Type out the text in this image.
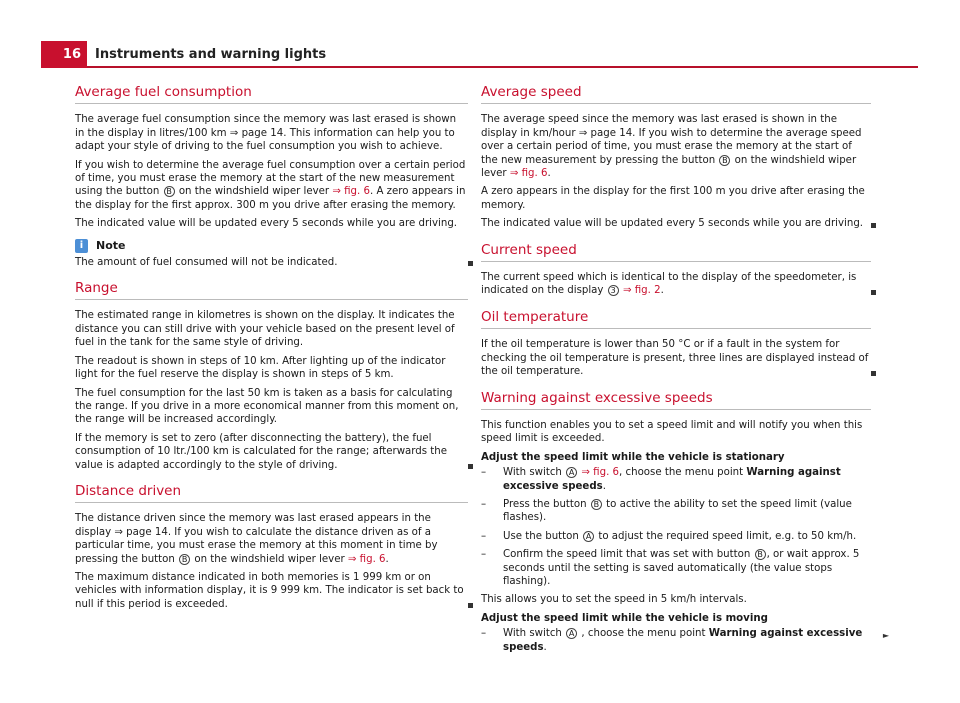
16	Instruments and warning lights
Average fuel consumption

The average fuel consumption since the memory was last erased is shown in the display in litres/100 km ⇒ page 14. This information can help you to adapt your style of driving to the fuel consumption you wish to achieve.

If you wish to determine the average fuel consumption over a certain period of time, you must erase the memory at the start of the new measurement using the button B on the windshield wiper lever ⇒ fig. 6. A zero appears in the display for the first approx. 300 m you drive after erasing the memory.

The indicated value will be updated every 5 seconds while you are driving.

i	Note

The amount of fuel consumed will not be indicated.

Range

The estimated range in kilometres is shown on the display. It indicates the distance you can still drive with your vehicle based on the present level of fuel in the tank for the same style of driving.

The readout is shown in steps of 10 km. After lighting up of the indicator light for the fuel reserve the display is shown in steps of 5 km.

The fuel consumption for the last 50 km is taken as a basis for calculating the range. If you drive in a more economical manner from this moment on, the range will be increased accordingly.

If the memory is set to zero (after disconnecting the battery), the fuel consumption of 10 ltr./100 km is calculated for the range; afterwards the value is adapted accordingly to the style of driving.

Distance driven

The distance driven since the memory was last erased appears in the display ⇒ page 14. If you wish to calculate the distance driven as of a particular time, you must erase the memory at this moment in time by pressing the button B on the windshield wiper lever ⇒ fig. 6.

The maximum distance indicated in both memories is 1 999 km or on vehicles with information display, it is 9 999 km. The indicator is set back to null if this period is exceeded.

Average speed

The average speed since the memory was last erased is shown in the display in km/hour ⇒ page 14. If you wish to determine the average speed over a certain period of time, you must erase the memory at the start of the new measurement by pressing the button B on the windshield wiper lever ⇒ fig. 6.

A zero appears in the display for the first 100 m you drive after erasing the memory.

The indicated value will be updated every 5 seconds while you are driving.

Current speed

The current speed which is identical to the display of the speedometer, is indicated on the display 3 ⇒ fig. 2.

Oil temperature

If the oil temperature is lower than 50 °C or if a fault in the system for checking the oil temperature is present, three lines are displayed instead of the oil temperature.

Warning against excessive speeds

This function enables you to set a speed limit and will notify you when this speed limit is exceeded.

Adjust the speed limit while the vehicle is stationary
–	With switch A ⇒ fig. 6, choose the menu point Warning against excessive speeds.
–	Press the button B to active the ability to set the speed limit (value flashes).
–	Use the button A to adjust the required speed limit, e.g. to 50 km/h.
–	Confirm the speed limit that was set with button B , or wait approx. 5 seconds until the setting is saved automatically (the value stops flashing).

This allows you to set the speed in 5 km/h intervals.

Adjust the speed limit while the vehicle is moving
–	With switch A , choose the menu point Warning against excessive speeds.
►
